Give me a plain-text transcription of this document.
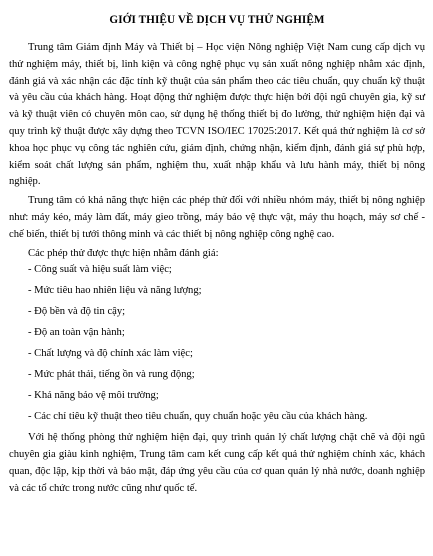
GIỚI THIỆU VỀ DỊCH VỤ THỬ NGHIỆM

Trung tâm Giám định Máy và Thiết bị – Học viện Nông nghiệp Việt Nam cung cấp dịch vụ thử nghiệm máy, thiết bị, linh kiện và công nghệ phục vụ sản xuất nông nghiệp nhằm xác định, đánh giá và xác nhận các đặc tính kỹ thuật của sản phẩm theo các tiêu chuẩn, quy chuẩn kỹ thuật và yêu cầu của khách hàng. Hoạt động thử nghiệm được thực hiện bởi đội ngũ chuyên gia, kỹ sư và kỹ thuật viên có chuyên môn cao, sử dụng hệ thống thiết bị đo lường, thử nghiệm hiện đại và quy trình kỹ thuật được xây dựng theo TCVN ISO/IEC 17025:2017. Kết quả thử nghiệm là cơ sở khoa học phục vụ công tác nghiên cứu, giám định, chứng nhận, kiểm định, đánh giá sự phù hợp, kiểm soát chất lượng sản phẩm, nghiệm thu, xuất nhập khẩu và lưu hành máy, thiết bị nông nghiệp.

Trung tâm có khả năng thực hiện các phép thử đối với nhiều nhóm máy, thiết bị nông nghiệp như: máy kéo, máy làm đất, máy gieo trồng, máy bảo vệ thực vật, máy thu hoạch, máy sơ chế - chế biến, thiết bị tưới thông minh và các thiết bị nông nghiệp công nghệ cao.

Các phép thử được thực hiện nhằm đánh giá:

- Công suất và hiệu suất làm việc;
- Mức tiêu hao nhiên liệu và năng lượng;
- Độ bền và độ tin cậy;
- Độ an toàn vận hành;
- Chất lượng và độ chính xác làm việc;
- Mức phát thải, tiếng ồn và rung động;
- Khả năng bảo vệ môi trường;
- Các chỉ tiêu kỹ thuật theo tiêu chuẩn, quy chuẩn hoặc yêu cầu của khách hàng.

Với hệ thống phòng thử nghiệm hiện đại, quy trình quản lý chất lượng chặt chẽ và đội ngũ chuyên gia giàu kinh nghiệm, Trung tâm cam kết cung cấp kết quả thử nghiệm chính xác, khách quan, độc lập, kịp thời và bảo mật, đáp ứng yêu cầu của cơ quan quản lý nhà nước, doanh nghiệp và các tổ chức trong nước cũng như quốc tế.
